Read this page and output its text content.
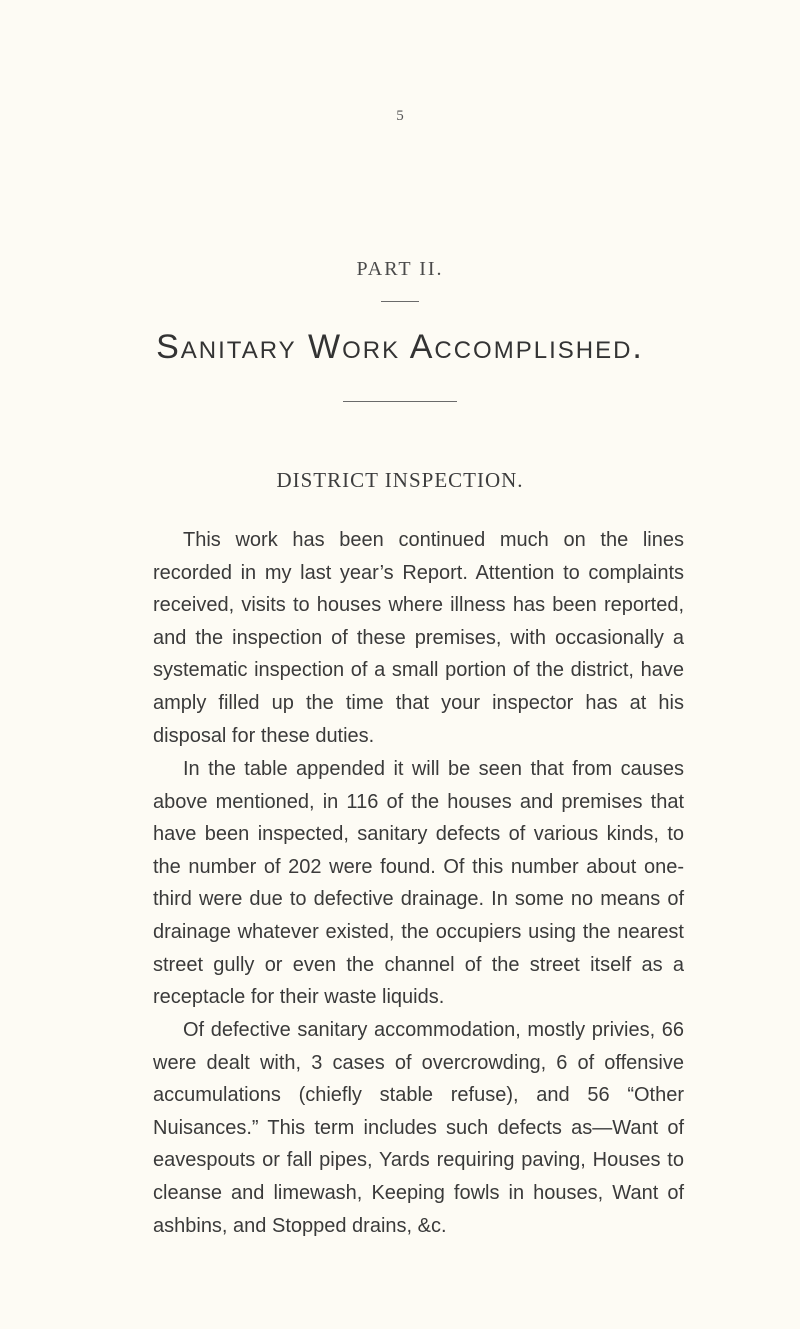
5
PART II.
Sanitary Work Accomplished.
DISTRICT INSPECTION.

This work has been continued much on the lines recorded in my last year’s Report. Attention to complaints received, visits to houses where illness has been reported, and the inspection of these premises, with occasionally a systematic inspection of a small portion of the district, have amply filled up the time that your inspector has at his disposal for these duties.

In the table appended it will be seen that from causes above mentioned, in 116 of the houses and premises that have been inspected, sanitary defects of various kinds, to the number of 202 were found. Of this number about one-third were due to defective drainage. In some no means of drainage whatever existed, the occupiers using the nearest street gully or even the channel of the street itself as a receptacle for their waste liquids.

Of defective sanitary accommodation, mostly privies, 66 were dealt with, 3 cases of overcrowding, 6 of offensive accumulations (chiefly stable refuse), and 56 “Other Nuisances.” This term includes such defects as—Want of eavespouts or fall pipes, Yards requiring paving, Houses to cleanse and limewash, Keeping fowls in houses, Want of ashbins, and Stopped drains, &c.
